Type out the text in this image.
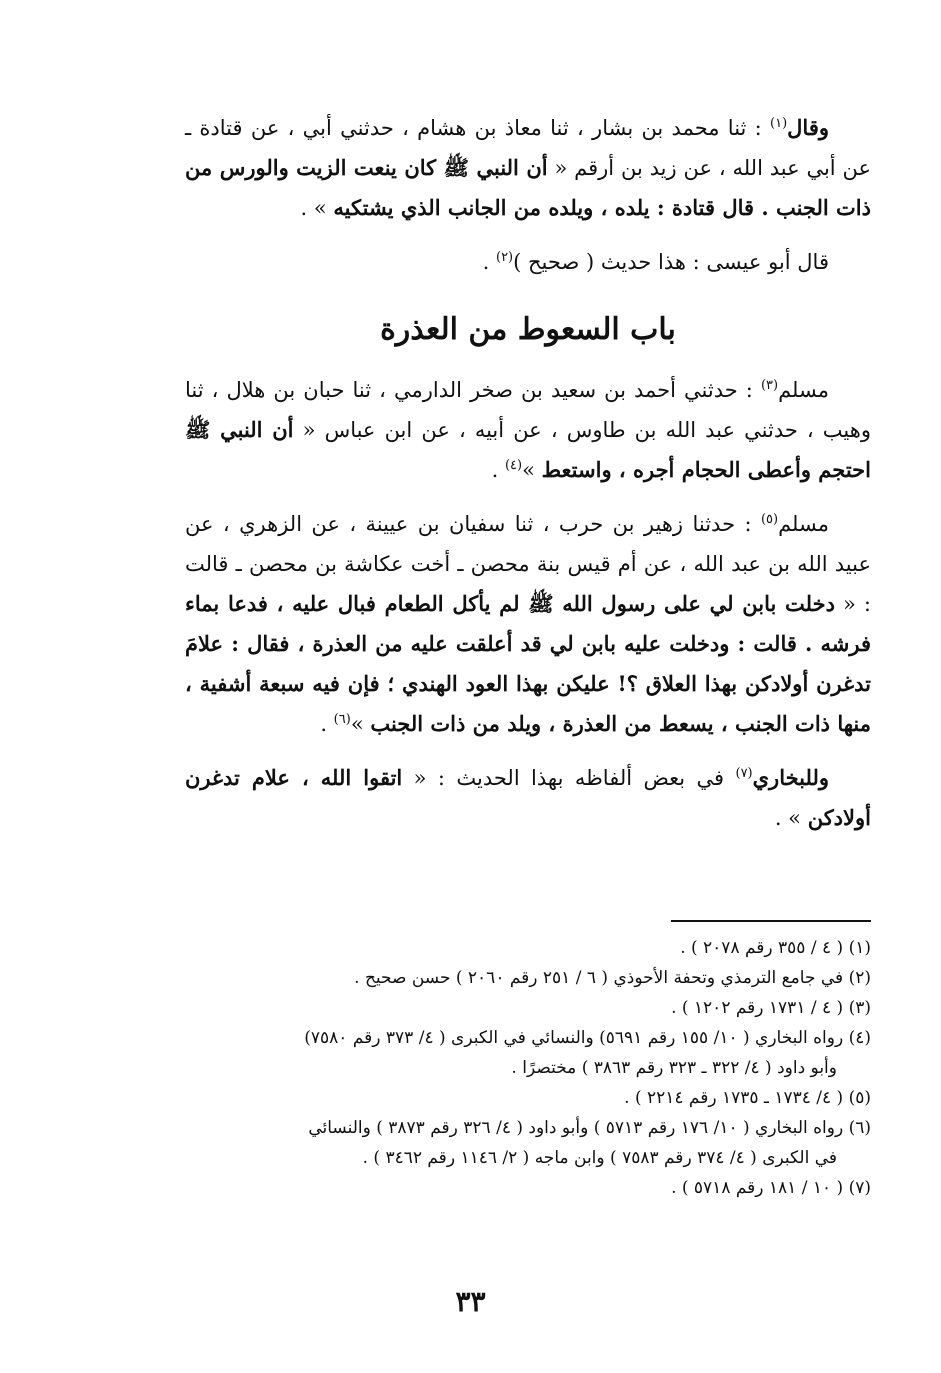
وقال$^{(١)}$ : ثنا محمد بن بشار ، ثنا معاذ بن هشام ، حدثني أبي ، عن قتادة ـ عن أبي عبد الله ، عن زيد بن أرقم « أن النبي ﷺ كان ينعت الزيت والورس من ذات الجنب . قال قتادة : يلده ، ويلده من الجانب الذي يشتكيه » .

قال أبو عيسى : هذا حديث ( صحيح )$^{(٢)}$ .

باب السعوط من العذرة

مسلم$^{(٣)}$ : حدثني أحمد بن سعيد بن صخر الدارمي ، ثنا حبان بن هلال ، ثنا وهيب ، حدثني عبد الله بن طاوس ، عن أبيه ، عن ابن عباس « أن النبي ﷺ احتجم وأعطى الحجام أجره ، واستعط »$^{(٤)}$ .

مسلم$^{(٥)}$ : حدثنا زهير بن حرب ، ثنا سفيان بن عيينة ، عن الزهري ، عن عبيد الله بن عبد الله ، عن أم قيس بنة محصن ـ أخت عكاشة بن محصن ـ قالت : « دخلت بابن لي على رسول الله ﷺ لم يأكل الطعام فبال عليه ، فدعا بماء فرشه . قالت : ودخلت عليه بابن لي قد أعلقت عليه من العذرة ، فقال : علامَ تدغرن أولادكن بهذا العلاق ؟! عليكن بهذا العود الهندي ؛ فإن فيه سبعة أشفية ، منها ذات الجنب ، يسعط من العذرة ، ويلد من ذات الجنب »$^{(٦)}$ .

وللبخاري$^{(٧)}$ في بعض ألفاظه بهذا الحديث : « اتقوا الله ، علام تدغرن أولادكن » .

(١) ( ٤ / ٣٥٥ رقم ٢٠٧٨ ) .

(٢) في جامع الترمذي وتحفة الأحوذي ( ٦ / ٢٥١ رقم ٢٠٦٠ ) حسن صحيح .

(٣) ( ٤ / ١٧٣١ رقم ١٢٠٢ ) .

(٤) رواه البخاري ( ١٠/ ١٥٥ رقم ٥٦٩١) والنسائي في الكبرى ( ٤/ ٣٧٣ رقم ٧٥٨٠)

وأبو داود ( ٤/ ٣٢٢ ـ ٣٢٣ رقم ٣٨٦٣ ) مختصرًا .

(٥) ( ٤/ ١٧٣٤ ـ ١٧٣٥ رقم ٢٢١٤ ) .

(٦) رواه البخاري ( ١٠/ ١٧٦ رقم ٥٧١٣ ) وأبو داود ( ٤/ ٣٢٦ رقم ٣٨٧٣ ) والنسائي

في الكبرى ( ٤/ ٣٧٤ رقم ٧٥٨٣ ) وابن ماجه ( ٢/ ١١٤٦ رقم ٣٤٦٢ ) .

(٧) ( ١٠ / ١٨١ رقم ٥٧١٨ ) .

٣٣
